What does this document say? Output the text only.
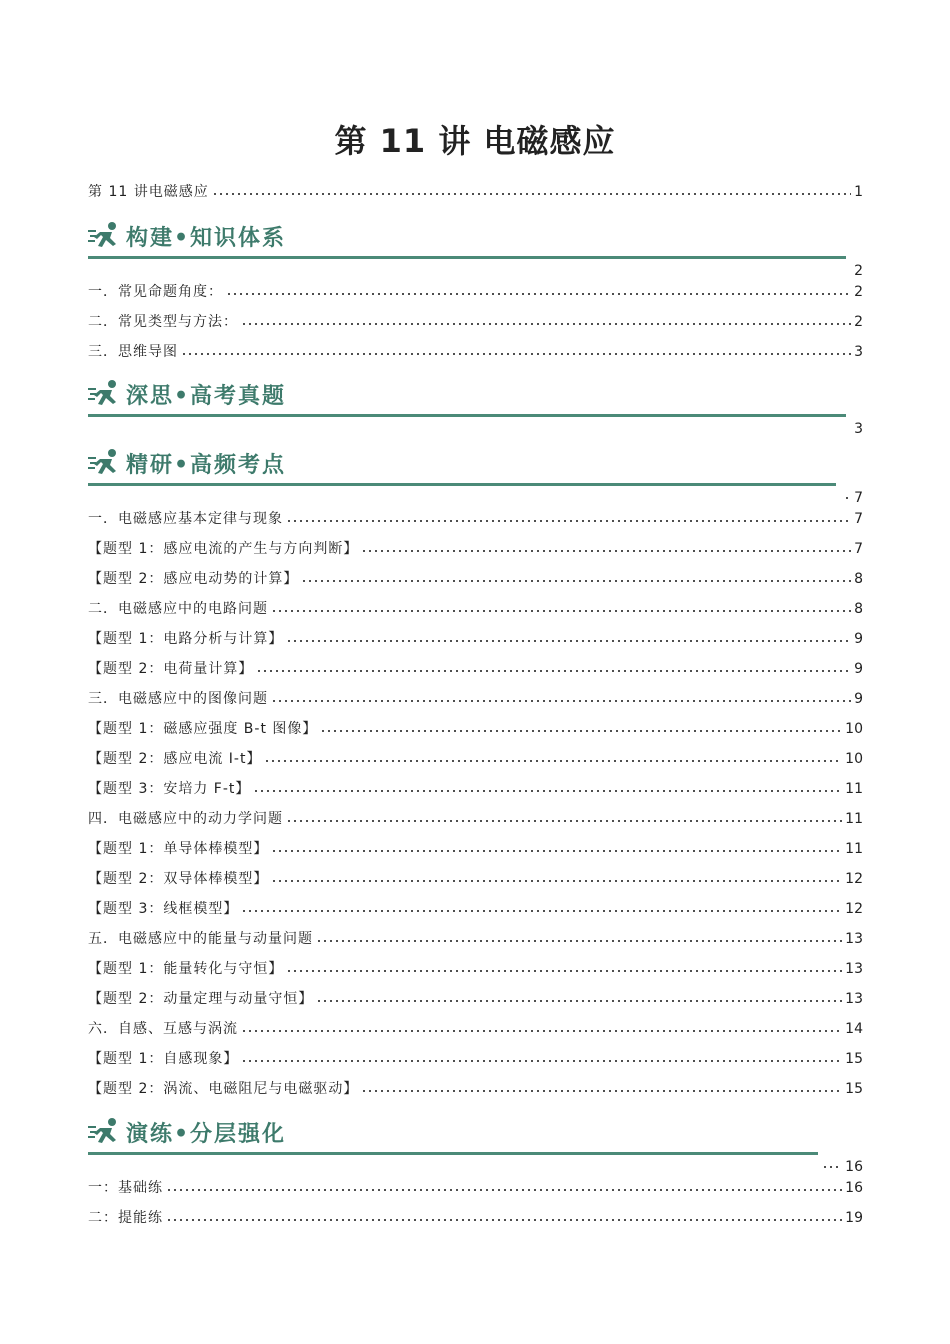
第 11 讲 电磁感应
第 11 讲电磁感应	1
构建•知识体系
2
一．常见命题角度：	2
二．常见类型与方法：	2
三．思维导图	3
深思•高考真题
3
精研•高频考点
7
一．电磁感应基本定律与现象	7
【题型 1：感应电流的产生与方向判断】	7
【题型 2：感应电动势的计算】	8
二．电磁感应中的电路问题	8
【题型 1：电路分析与计算】	9
【题型 2：电荷量计算】	9
三．电磁感应中的图像问题	9
【题型 1：磁感应强度 B-t 图像】	10
【题型 2：感应电流 I-t】	10
【题型 3：安培力 F-t】	11
四．电磁感应中的动力学问题	11
【题型 1：单导体棒模型】	11
【题型 2：双导体棒模型】	12
【题型 3：线框模型】	12
五．电磁感应中的能量与动量问题	13
【题型 1：能量转化与守恒】	13
【题型 2：动量定理与动量守恒】	13
六．自感、互感与涡流	14
【题型 1：自感现象】	15
【题型 2：涡流、电磁阻尼与电磁驱动】	15
演练•分层强化
16
一：基础练	16
二：提能练	19
